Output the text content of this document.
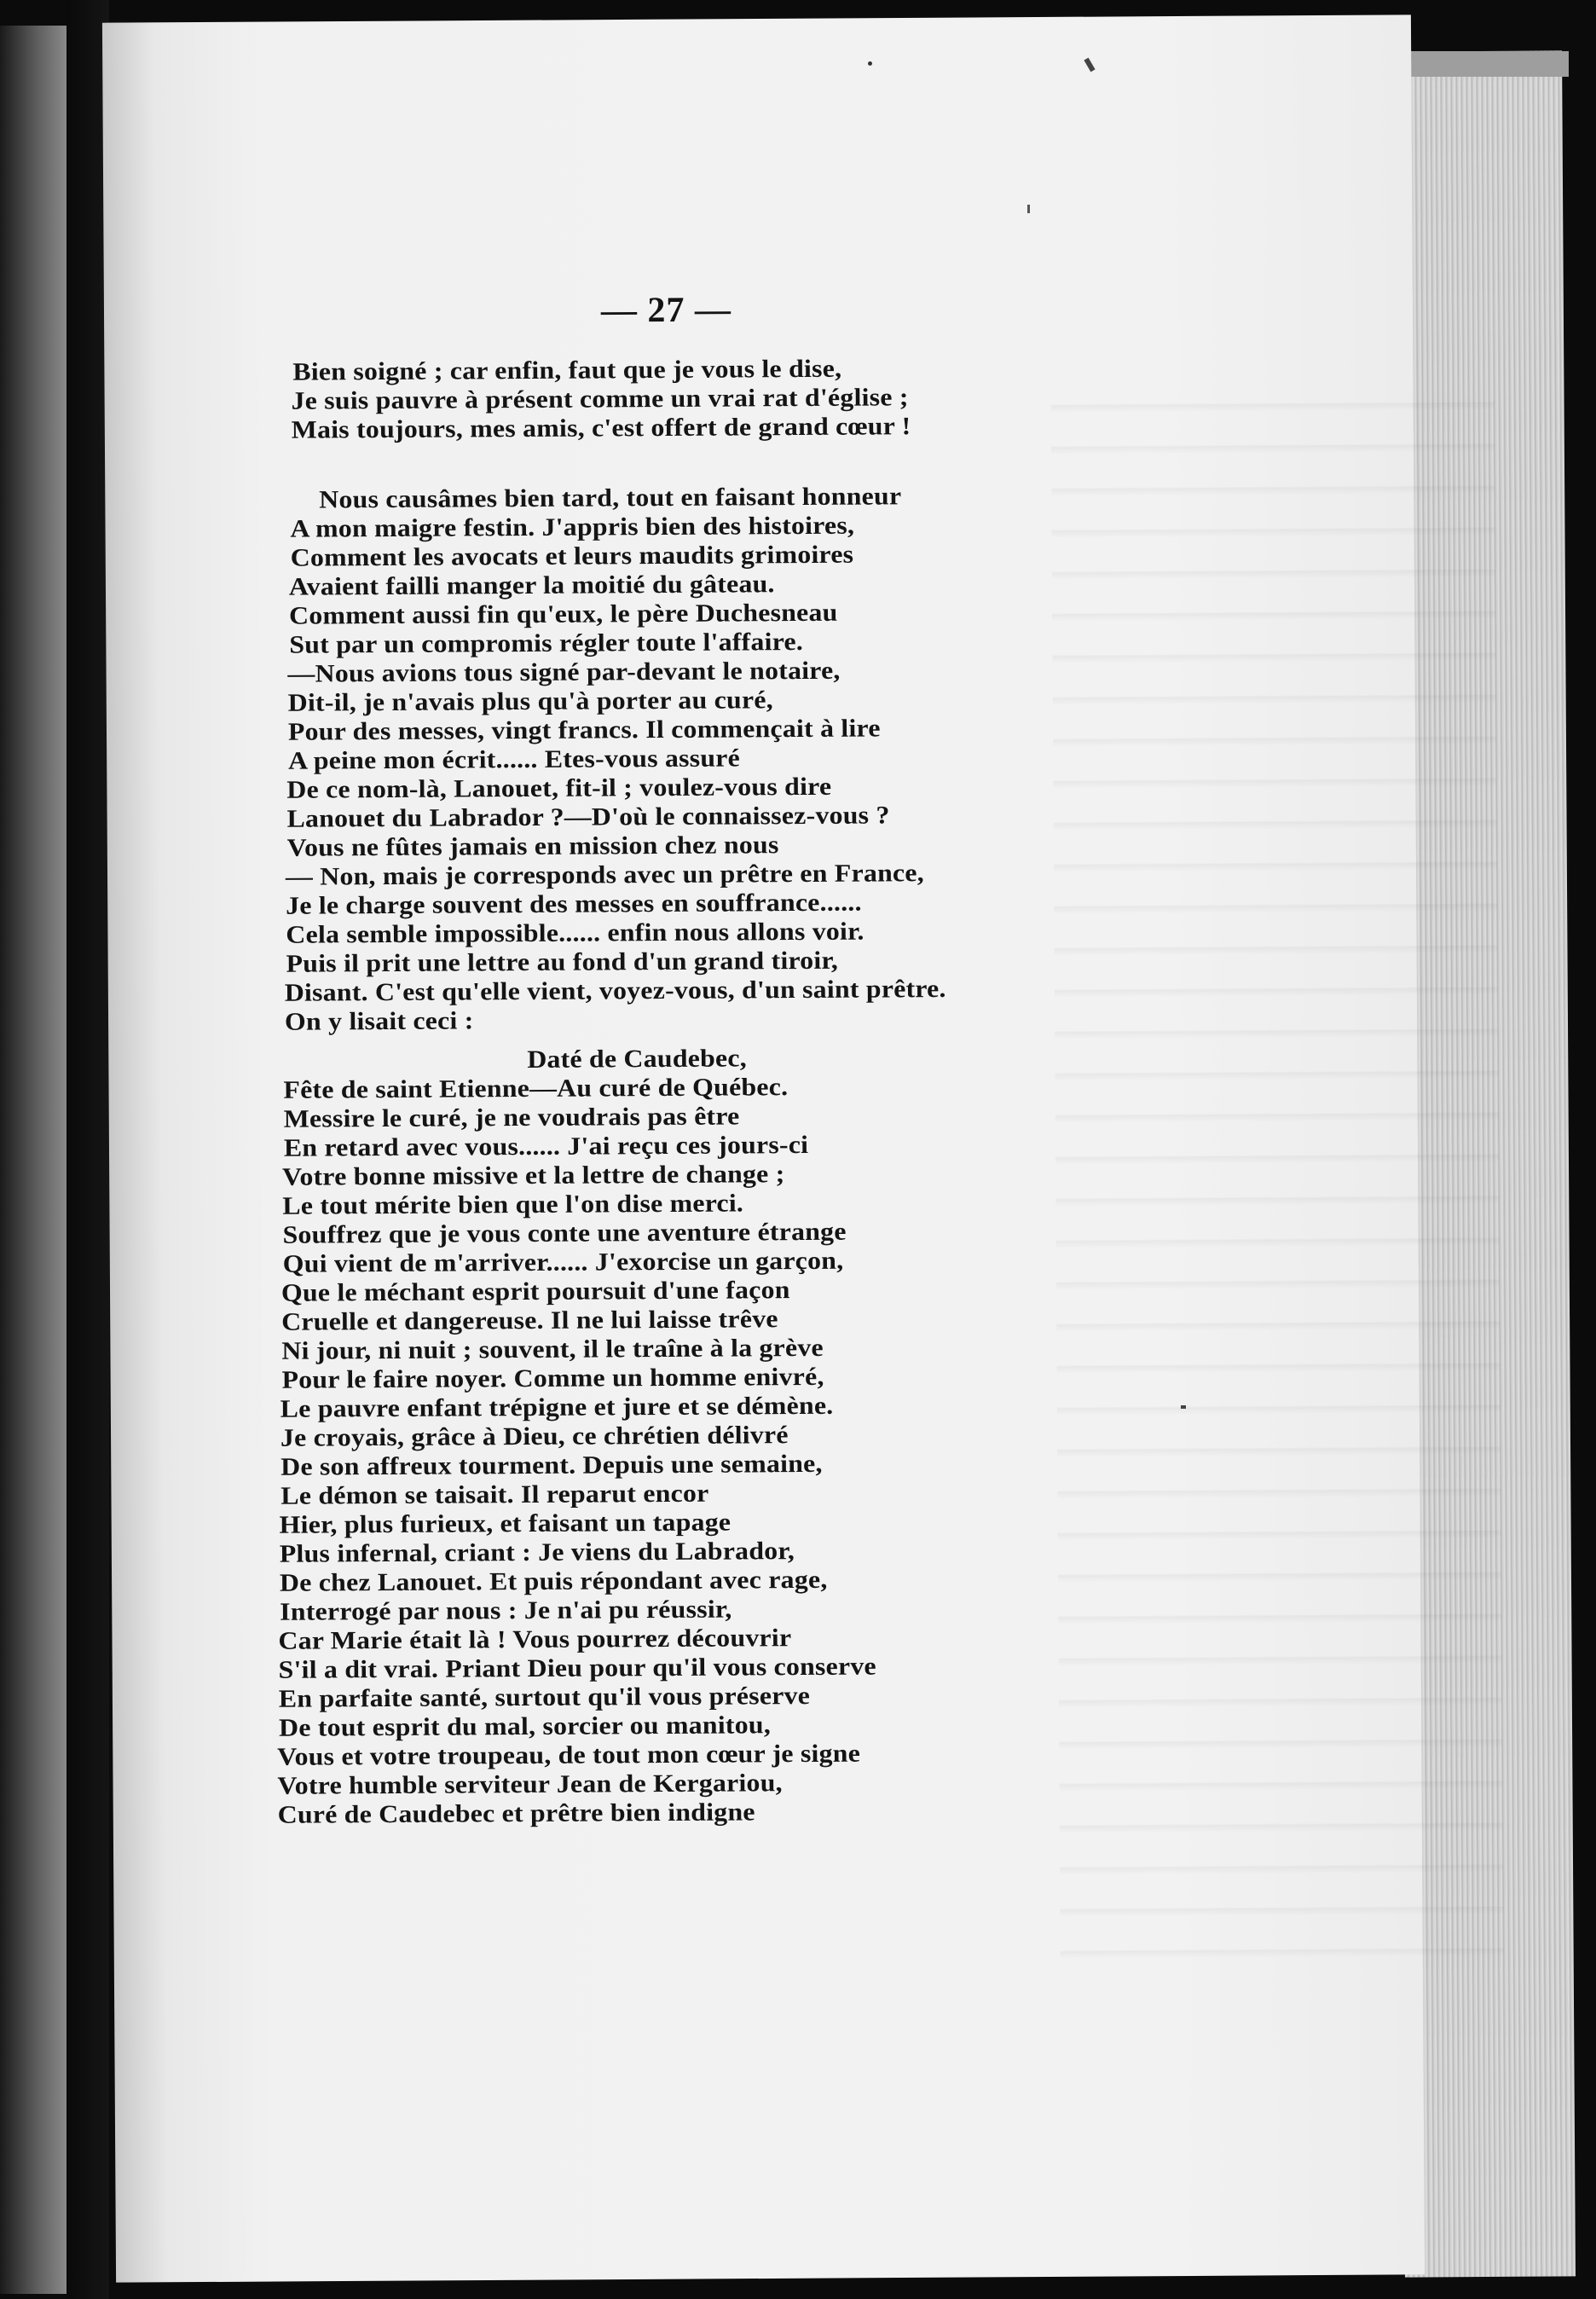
— 27 —
Bien soigné ; car enfin, faut que je vous le dise,
Je suis pauvre à présent comme un vrai rat d'église ;
Mais toujours, mes amis, c'est offert de grand cœur !
Nous causâmes bien tard, tout en faisant honneur
A mon maigre festin. J'appris bien des histoires,
Comment les avocats et leurs maudits grimoires
Avaient failli manger la moitié du gâteau.
Comment aussi fin qu'eux, le père Duchesneau
Sut par un compromis régler toute l'affaire.
—Nous avions tous signé par-devant le notaire,
Dit-il, je n'avais plus qu'à porter au curé,
Pour des messes, vingt francs. Il commençait à lire
A peine mon écrit...... Etes-vous assuré
De ce nom-là, Lanouet, fit-il ; voulez-vous dire
Lanouet du Labrador ?—D'où le connaissez-vous ?
Vous ne fûtes jamais en mission chez nous
— Non, mais je corresponds avec un prêtre en France,
Je le charge souvent des messes en souffrance......
Cela semble impossible...... enfin nous allons voir.
Puis il prit une lettre au fond d'un grand tiroir,
Disant. C'est qu'elle vient, voyez-vous, d'un saint prêtre.
On y lisait ceci :
Daté de Caudebec,
Fête de saint Etienne—Au curé de Québec.
Messire le curé, je ne voudrais pas être
En retard avec vous...... J'ai reçu ces jours-ci
Votre bonne missive et la lettre de change ;
Le tout mérite bien que l'on dise merci.
Souffrez que je vous conte une aventure étrange
Qui vient de m'arriver...... J'exorcise un garçon,
Que le méchant esprit poursuit d'une façon
Cruelle et dangereuse. Il ne lui laisse trêve
Ni jour, ni nuit ; souvent, il le traîne à la grève
Pour le faire noyer. Comme un homme enivré,
Le pauvre enfant trépigne et jure et se démène.
Je croyais, grâce à Dieu, ce chrétien délivré
De son affreux tourment. Depuis une semaine,
Le démon se taisait. Il reparut encor
Hier, plus furieux, et faisant un tapage
Plus infernal, criant : Je viens du Labrador,
De chez Lanouet. Et puis répondant avec rage,
Interrogé par nous : Je n'ai pu réussir,
Car Marie était là ! Vous pourrez découvrir
S'il a dit vrai. Priant Dieu pour qu'il vous conserve
En parfaite santé, surtout qu'il vous préserve
De tout esprit du mal, sorcier ou manitou,
Vous et votre troupeau, de tout mon cœur je signe
Votre humble serviteur Jean de Kergariou,
Curé de Caudebec et prêtre bien indigne
